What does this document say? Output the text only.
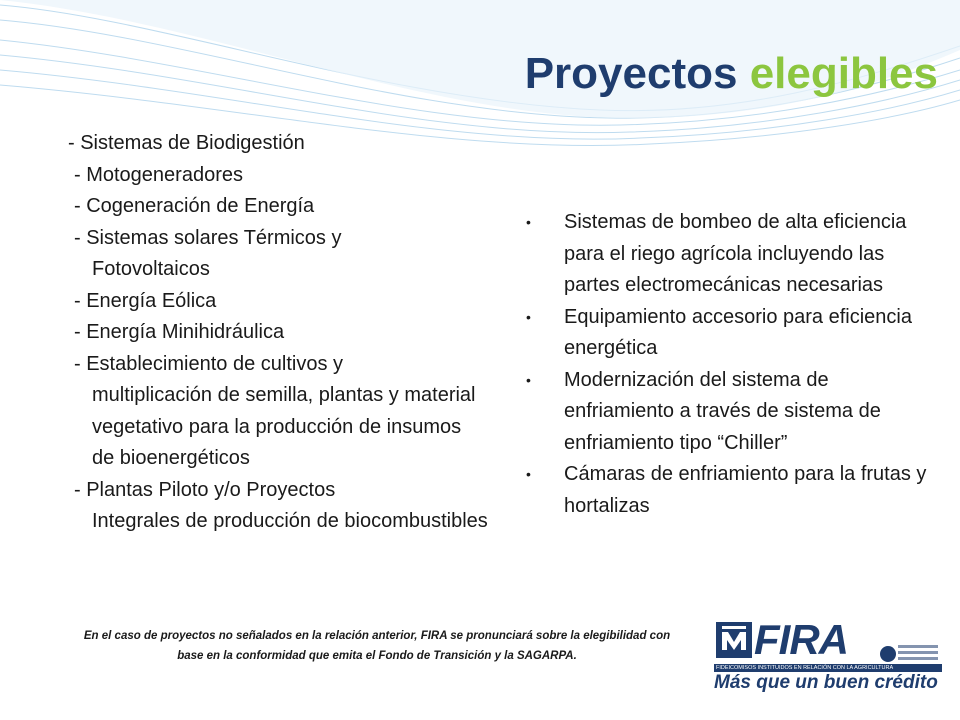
Proyectos elegibles
- Sistemas de Biodigestión
- Motogeneradores
- Cogeneración de Energía
- Sistemas solares Térmicos y
Fotovoltaicos
- Energía Eólica
- Energía Minihidráulica
- Establecimiento de cultivos y
multiplicación de semilla, plantas y material vegetativo para la producción de insumos de bioenergéticos
- Plantas Piloto y/o Proyectos
Integrales de producción de biocombustibles
• Sistemas de bombeo de alta eficiencia para el riego agrícola incluyendo las partes electromecánicas necesarias
• Equipamiento accesorio para eficiencia energética
• Modernización del sistema de enfriamiento a través de sistema de enfriamiento tipo “Chiller”
• Cámaras de enfriamiento para la frutas y hortalizas
En el caso de proyectos no señalados en la relación anterior, FIRA se pronunciará sobre la elegibilidad con base en la conformidad que emita el Fondo de Transición y la SAGARPA.	FIRA
FIDEICOMISOS INSTITUIDOS EN RELACIÓN CON LA AGRICULTURA
Más que un buen crédito
